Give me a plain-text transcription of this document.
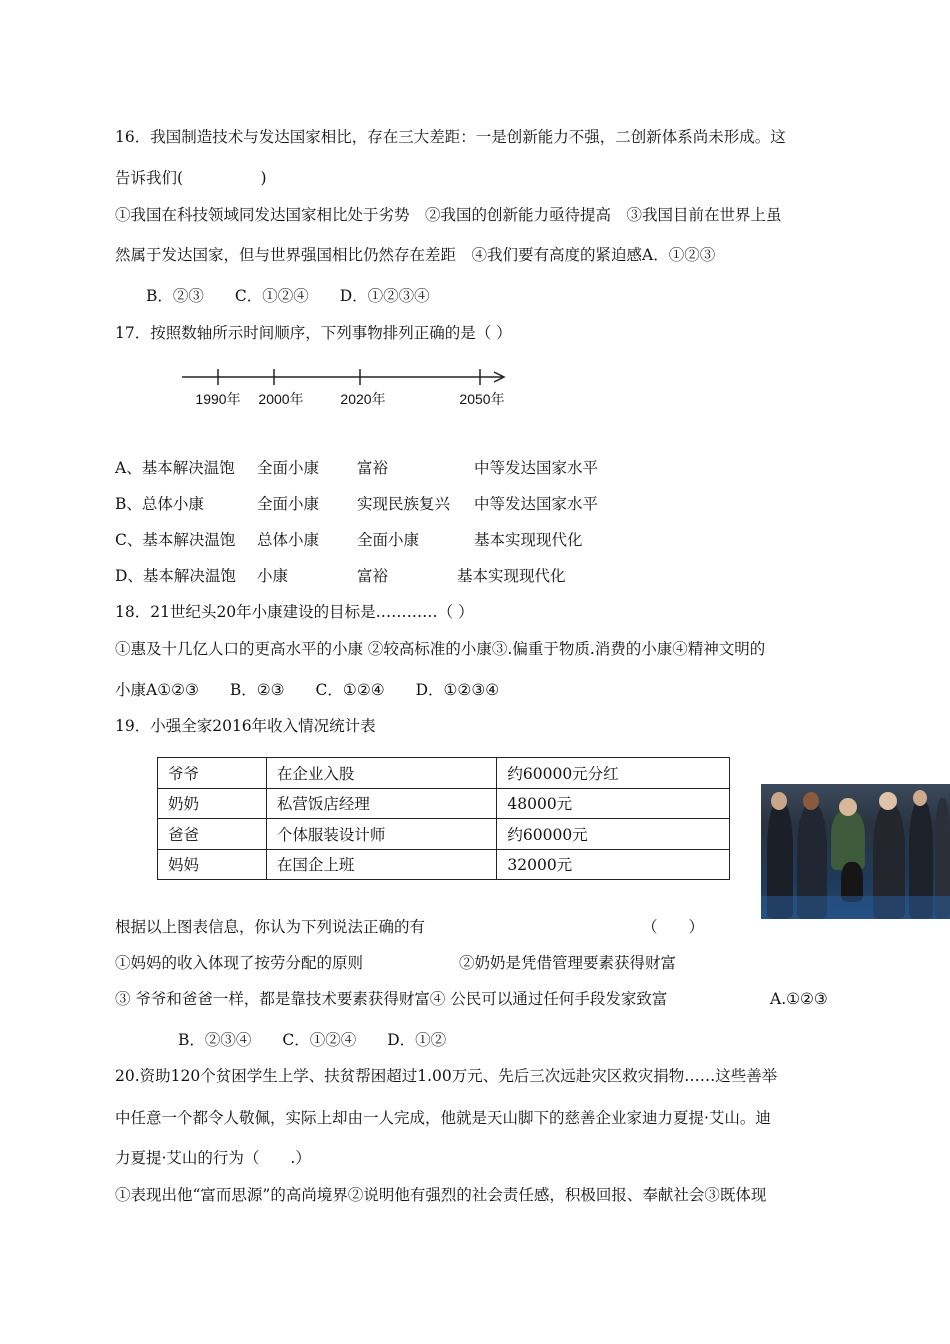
16．我国制造技术与发达国家相比，存在三大差距：一是创新能力不强，二创新体系尚未形成。这
告诉我们(　　　　　)
①我国在科技领域同发达国家相比处于劣势　②我国的创新能力亟待提高　③我国目前在世界上虽
然属于发达国家，但与世界强国相比仍然存在差距　④我们要有高度的紧迫感A．①②③
B．②③　　C．①②④　　D．①②③④
17．按照数轴所示时间顺序，下列事物排列正确的是（ ）
1990年 2000年	2020年	2050年
A、基本解决温饱 全面小康 富裕	中等发达国家水平
B、总体小康	全面小康 实现民族复兴 中等发达国家水平
C、基本解决温饱 总体小康 全面小康	基本实现现代化
D、基本解决温饱 小康	富裕	基本实现现代化
18．21世纪头20年小康建设的目标是…………（ ）
①惠及十几亿人口的更高水平的小康 ②较高标准的小康③.偏重于物质.消费的小康④精神文明的
小康A①②③　　B．②③　　C．①②④　　D．①②③④
19．小强全家2016年收入情况统计表
爷爷	在企业入股	约60000元分红
奶奶	私营饭店经理	48000元
爸爸	个体服装设计师	约60000元
妈妈	在国企上班	32000元
根据以上图表信息，你认为下列说法正确的有	（　　）
①妈妈的收入体现了按劳分配的原则	②奶奶是凭借管理要素获得财富
③ 爷爷和爸爸一样，都是靠技术要素获得财富④ 公民可以通过任何手段发家致富	A.①②③
B．②③④　　C．①②④　　D．①②
20.资助120个贫困学生上学、扶贫帮困超过1.00万元、先后三次远赴灾区救灾捐物……这些善举
中任意一个都令人敬佩，实际上却由一人完成，他就是天山脚下的慈善企业家迪力夏提·艾山。迪
力夏提·艾山的行为（　　.）
①表现出他“富而思源”的高尚境界②说明他有强烈的社会责任感，积极回报、奉献社会③既体现
